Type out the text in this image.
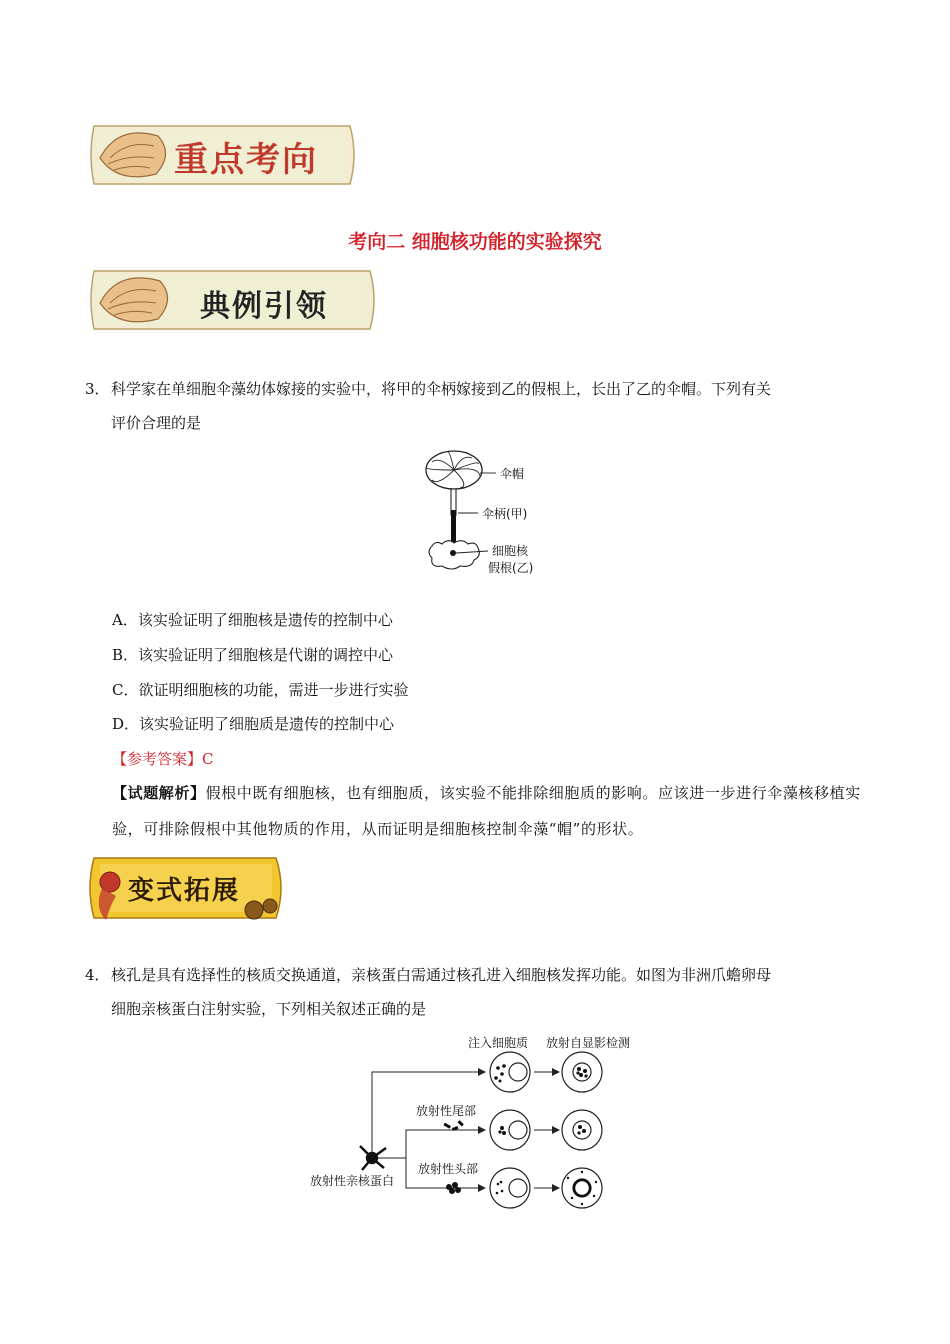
重点考向
考向二 细胞核功能的实验探究
典例引领
3． 科学家在单细胞伞藻幼体嫁接的实验中，将甲的伞柄嫁接到乙的假根上，长出了乙的伞帽。下列有关
评价合理的是
伞帽
伞柄(甲)
细胞核
假根(乙)
A．该实验证明了细胞核是遗传的控制中心
B．该实验证明了细胞核是代谢的调控中心
C．欲证明细胞核的功能，需进一步进行实验
D．该实验证明了细胞质是遗传的控制中心
【参考答案】C
【试题解析】假根中既有细胞核，也有细胞质，该实验不能排除细胞质的影响。应该进一步进行伞藻核移植实验，可排除假根中其他物质的作用，从而证明是细胞核控制伞藻“帽”的形状。
变式拓展
4． 核孔是具有选择性的核质交换通道，亲核蛋白需通过核孔进入细胞核发挥功能。如图为非洲爪蟾卵母
细胞亲核蛋白注射实验，下列相关叙述正确的是
注入细胞质 放射自显影检测
放射性尾部
放射性头部
放射性亲核蛋白
